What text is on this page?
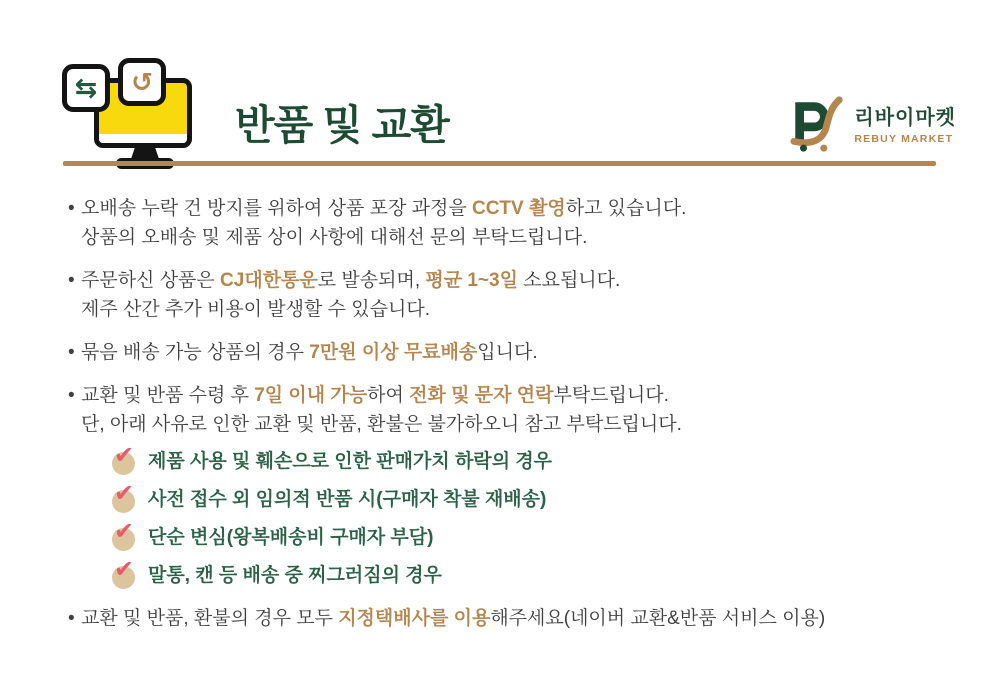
⇆	↺
반품 및 교환	리바이마켓
REBUY MARKET
• 오배송 누락 건 방지를 위하여 상품 포장 과정을 CCTV 촬영하고 있습니다.
상품의 오배송 및 제품 상이 사항에 대해선 문의 부탁드립니다.
• 주문하신 상품은 CJ대한통운로 발송되며, 평균 1~3일 소요됩니다.
제주 산간 추가 비용이 발생할 수 있습니다.
• 묶음 배송 가능 상품의 경우 7만원 이상 무료배송입니다.
• 교환 및 반품 수령 후 7일 이내 가능하여 전화 및 문자 연락부탁드립니다.
단, 아래 사유로 인한 교환 및 반품, 환불은 불가하오니 참고 부탁드립니다.
✔ 제품 사용 및 훼손으로 인한 판매가치 하락의 경우
✔ 사전 접수 외 임의적 반품 시(구매자 착불 재배송)
✔ 단순 변심(왕복배송비 구매자 부담)
✔ 말통, 캔 등 배송 중 찌그러짐의 경우
• 교환 및 반품, 환불의 경우 모두 지정택배사를 이용해주세요(네이버 교환&반품 서비스 이용)
